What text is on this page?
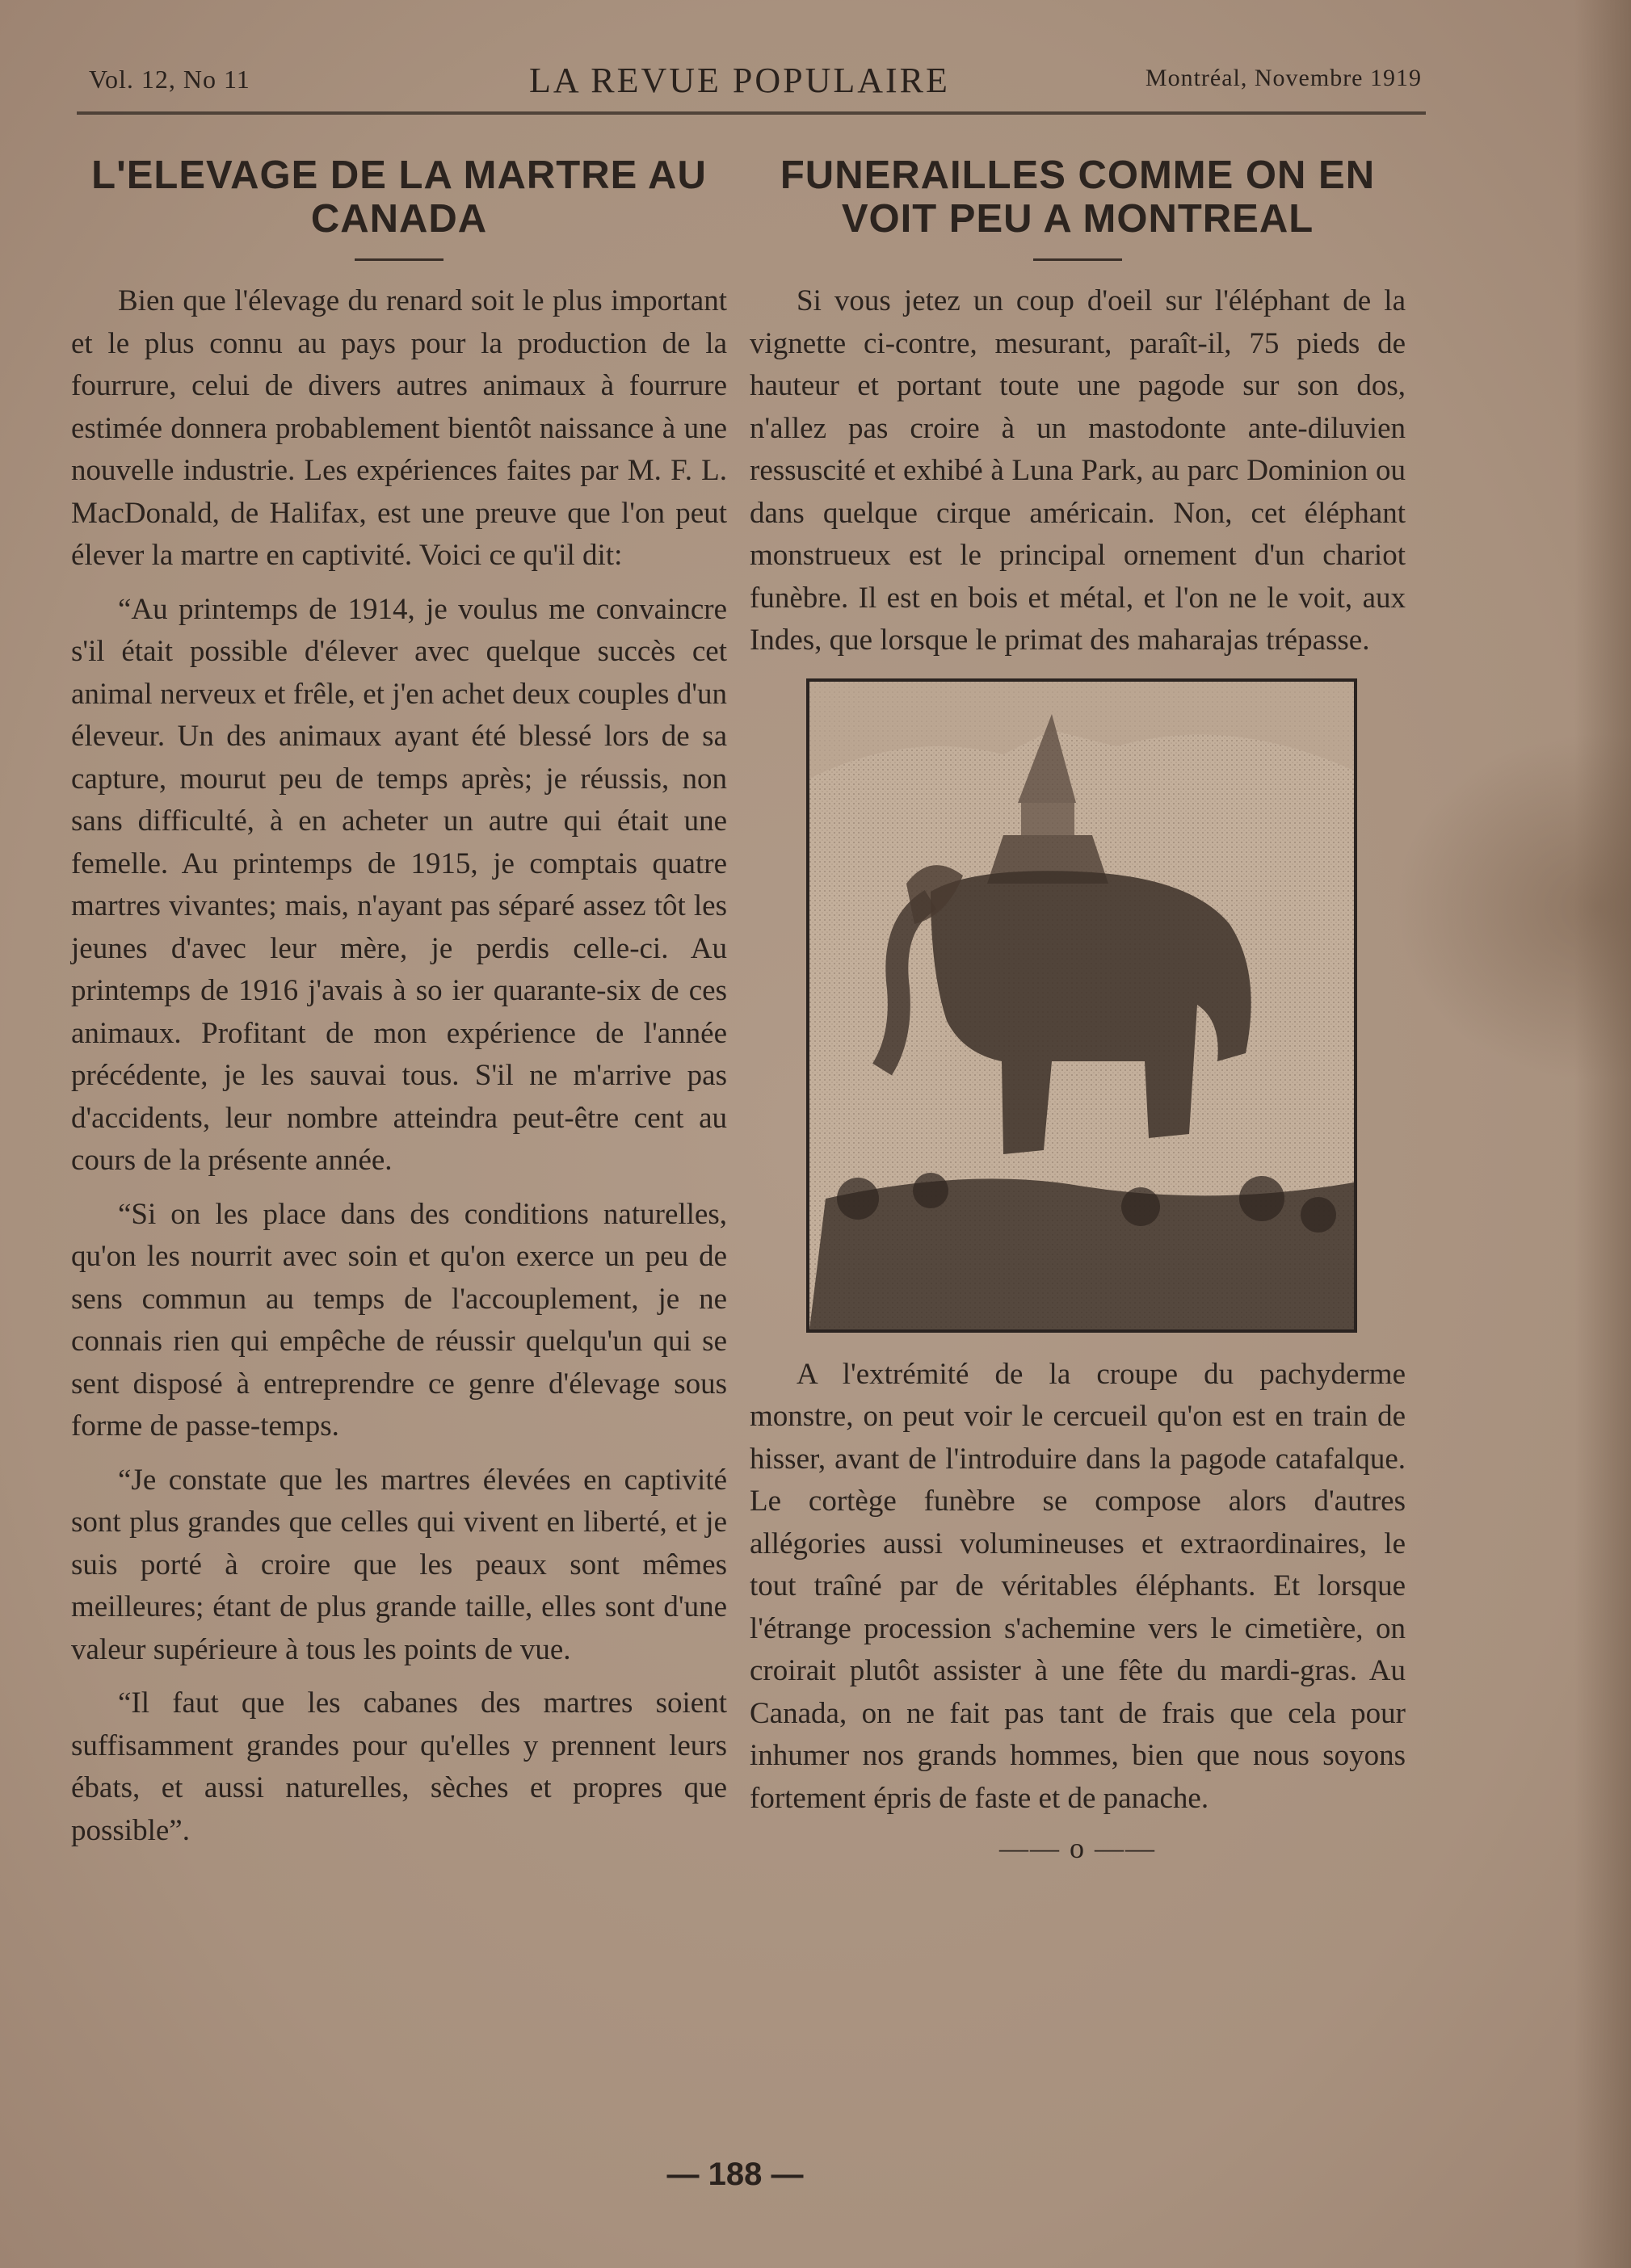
Vol. 12, No 11	LA REVUE POPULAIRE	Montréal, Novembre 1919
L'ELEVAGE DE LA MARTRE AU CANADA

Bien que l'élevage du renard soit le plus important et le plus connu au pays pour la production de la fourrure, celui de divers autres animaux à fourrure estimée donnera probablement bientôt naissance à une nouvelle industrie. Les expériences faites par M. F. L. MacDonald, de Halifax, est une preuve que l'on peut élever la martre en captivité. Voici ce qu'il dit:

“Au printemps de 1914, je voulus me convaincre s'il était possible d'élever avec quelque succès cet animal nerveux et frêle, et j'en achet deux couples d'un éleveur. Un des animaux ayant été blessé lors de sa capture, mourut peu de temps après; je réussis, non sans difficulté, à en acheter un autre qui était une femelle. Au printemps de 1915, je comptais quatre martres vivantes; mais, n'ayant pas séparé assez tôt les jeunes d'avec leur mère, je perdis celle-ci. Au printemps de 1916 j'avais à so ier quarante-six de ces animaux. Profitant de mon expérience de l'année précédente, je les sauvai tous. S'il ne m'arrive pas d'accidents, leur nombre atteindra peut-être cent au cours de la présente année.

“Si on les place dans des conditions naturelles, qu'on les nourrit avec soin et qu'on exerce un peu de sens commun au temps de l'accouplement, je ne connais rien qui empêche de réussir quelqu'un qui se sent disposé à entreprendre ce genre d'élevage sous forme de passe-temps.

“Je constate que les martres élevées en captivité sont plus grandes que celles qui vivent en liberté, et je suis porté à croire que les peaux sont mêmes meilleures; étant de plus grande taille, elles sont d'une valeur supérieure à tous les points de vue.

“Il faut que les cabanes des martres soient suffisamment grandes pour qu'elles y prennent leurs ébats, et aussi naturelles, sèches et propres que possible”.

FUNERAILLES COMME ON EN VOIT PEU A MONTREAL

Si vous jetez un coup d'oeil sur l'éléphant de la vignette ci-contre, mesurant, paraît-il, 75 pieds de hauteur et portant toute une pagode sur son dos, n'allez pas croire à un mastodonte ante-diluvien ressuscité et exhibé à Luna Park, au parc Dominion ou dans quelque cirque américain. Non, cet éléphant monstrueux est le principal ornement d'un chariot funèbre. Il est en bois et métal, et l'on ne le voit, aux Indes, que lorsque le primat des maharajas trépasse.

A l'extrémité de la croupe du pachyderme monstre, on peut voir le cercueil qu'on est en train de hisser, avant de l'introduire dans la pagode catafalque. Le cortège funèbre se compose alors d'autres allégories aussi volumineuses et extraordinaires, le tout traîné par de véritables éléphants. Et lorsque l'étrange procession s'achemine vers le cimetière, on croirait plutôt assister à une fête du mardi-gras. Au Canada, on ne fait pas tant de frais que cela pour inhumer nos grands hommes, bien que nous soyons fortement épris de faste et de panache.

—— o ——
— 188 —
